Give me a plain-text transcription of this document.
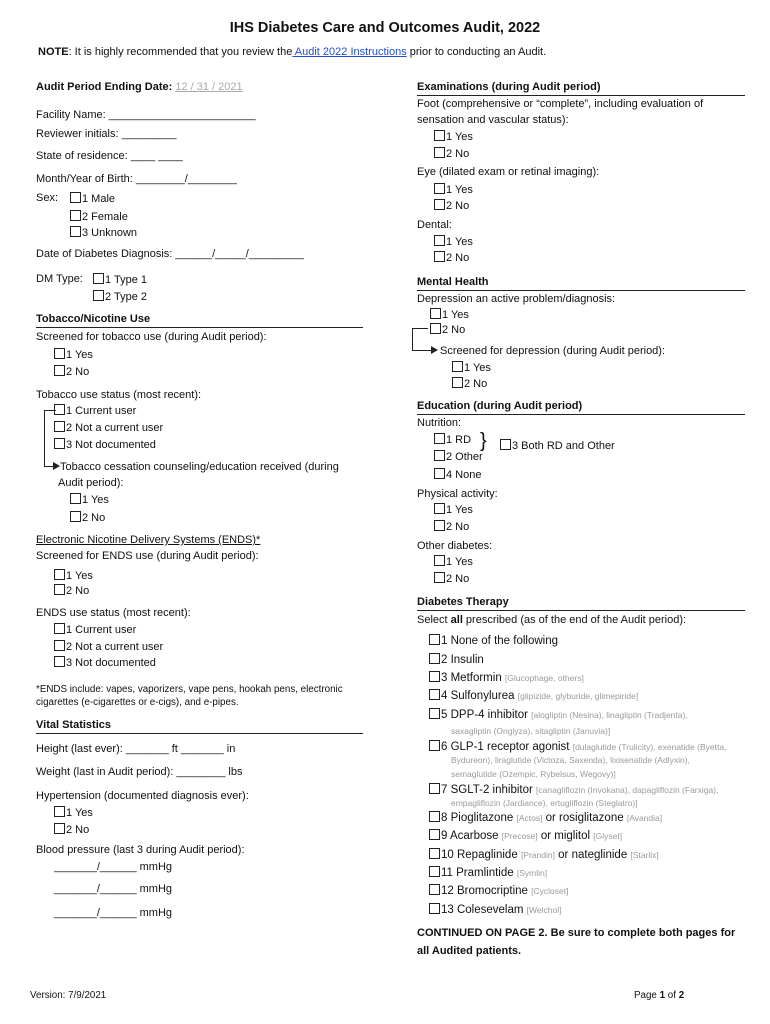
IHS Diabetes Care and Outcomes Audit, 2022
NOTE: It is highly recommended that you review the Audit 2022 Instructions prior to conducting an Audit.
Audit Period Ending Date: 12 / 31 / 2021
Facility Name: ________________________
Reviewer initials: _________
State of residence: ____ ____
Month/Year of Birth: ________/________
Sex:	1 Male
2 Female
3 Unknown
Date of Diabetes Diagnosis: ______/_____/_________
DM Type:	1 Type 1
2 Type 2
Tobacco/Nicotine Use
Screened for tobacco use (during Audit period):
1 Yes
2 No
Tobacco use status (most recent):
1 Current user
2 Not a current user
3 Not documented
Tobacco cessation counseling/education received (during
Audit period):
1 Yes
2 No
Electronic Nicotine Delivery Systems (ENDS)*
Screened for ENDS use (during Audit period):
1 Yes
2 No
ENDS use status (most recent):
1 Current user
2 Not a current user
3 Not documented
*ENDS include: vapes, vaporizers, vape pens, hookah pens, electronic
cigarettes (e-cigarettes or e-cigs), and e-pipes.
Vital Statistics
Height (last ever): _______ ft _______ in
Weight (last in Audit period): ________ lbs
Hypertension (documented diagnosis ever):
1 Yes
2 No
Blood pressure (last 3 during Audit period):
_______/______ mmHg
_______/______ mmHg
_______/______ mmHg
Examinations (during Audit period)
Foot (comprehensive or “complete”, including evaluation of
sensation and vascular status):
1 Yes
2 No
Eye (dilated exam or retinal imaging):
1 Yes
2 No
Dental:
1 Yes
2 No
Mental Health
Depression an active problem/diagnosis:
1 Yes
2 No
Screened for depression (during Audit period):
1 Yes
2 No
Education (during Audit period)
Nutrition:
1 RD
2 Other
}	3 Both RD and Other
4 None
Physical activity:
1 Yes
2 No
Other diabetes:
1 Yes
2 No
Diabetes Therapy
Select all prescribed (as of the end of the Audit period):
1 None of the following
2 Insulin
3 Metformin [Glucophage, others]
4 Sulfonylurea [glipizide, glyburide, glimepiride]
5 DPP-4 inhibitor [alogliptin (Nesina), linagliptin (Tradjenta),
saxagliptin (Onglyza), sitagliptin (Januvia)]
6 GLP-1 receptor agonist [dulaglutide (Trulicity), exenatide (Byetta,
Bydureon), liraglutide (Victoza, Saxenda), lixisenatide (Adlyxin),
semaglutide (Ozempic, Rybelsus, Wegovy)]
7 SGLT-2 inhibitor [canagliflozin (Invokana), dapagliflozin (Farxiga),
empagliflozin (Jardiance), ertugliflozin (Steglatro)]
8 Pioglitazone [Actos] or rosiglitazone [Avandia]
9 Acarbose [Precose] or miglitol [Glyset]
10 Repaglinide [Prandin] or nateglinide [Starlix]
11 Pramlintide [Symlin]
12 Bromocriptine [Cycloset]
13 Colesevelam [Welchol]
CONTINUED ON PAGE 2. Be sure to complete both pages for
all Audited patients.
Version: 7/9/2021	Page 1 of 2
